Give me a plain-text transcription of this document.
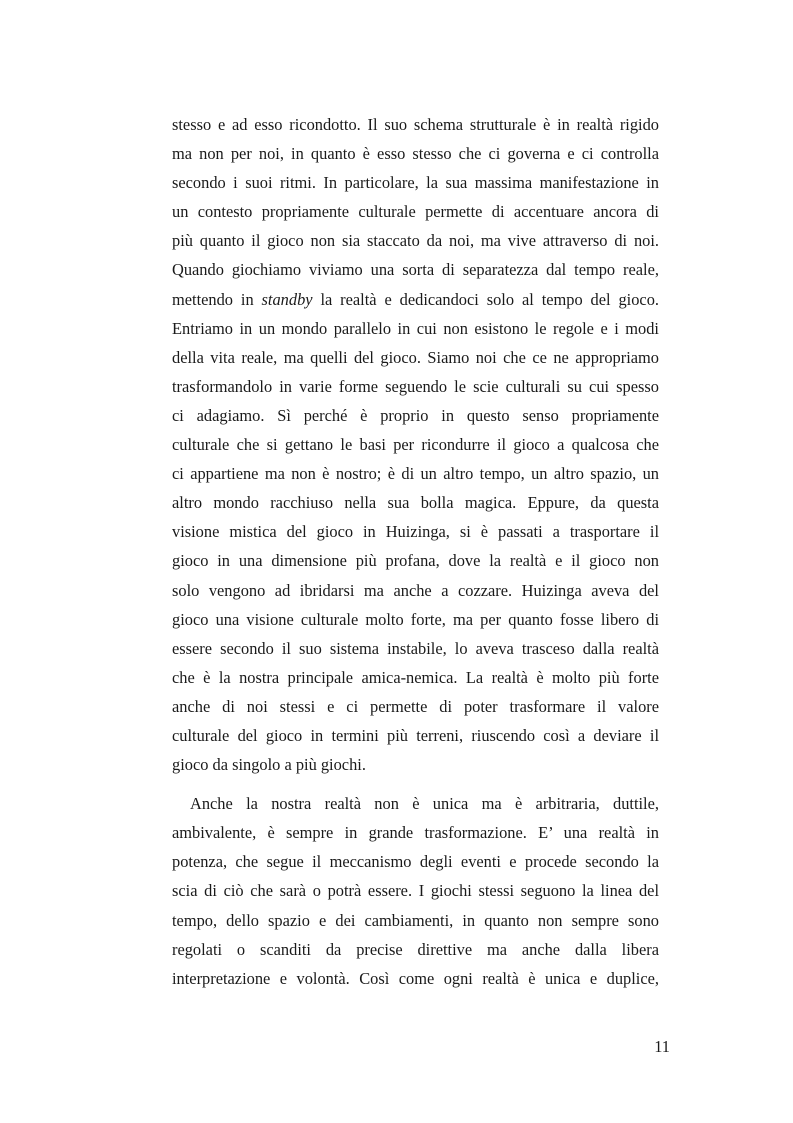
stesso e ad esso ricondotto. Il suo schema strutturale è in realtà rigido
ma non per noi, in quanto è esso stesso che ci governa e ci controlla
secondo i suoi ritmi. In particolare, la sua massima manifestazione in
un contesto propriamente culturale permette di accentuare ancora di
più quanto il gioco non sia staccato da noi, ma vive attraverso di noi.
Quando giochiamo viviamo una sorta di separatezza dal tempo reale,
mettendo in standby la realtà e dedicandoci solo al tempo del gioco.
Entriamo in un mondo parallelo in cui non esistono le regole e i modi
della vita reale, ma quelli del gioco. Siamo noi che ce ne appropriamo
trasformandolo in varie forme seguendo le scie culturali su cui spesso
ci adagiamo. Sì perché è proprio in questo senso propriamente
culturale che si gettano le basi per ricondurre il gioco a qualcosa che
ci appartiene ma non è nostro; è di un altro tempo, un altro spazio, un
altro mondo racchiuso nella sua bolla magica. Eppure, da questa
visione mistica del gioco in Huizinga, si è passati a trasportare il
gioco in una dimensione più profana, dove la realtà e il gioco non
solo vengono ad ibridarsi ma anche a cozzare. Huizinga aveva del
gioco una visione culturale molto forte, ma per quanto fosse libero di
essere secondo il suo sistema instabile, lo aveva trasceso dalla realtà
che è la nostra principale amica-nemica. La realtà è molto più forte
anche di noi stessi e ci permette di poter trasformare il valore
culturale del gioco in termini più terreni, riuscendo così a deviare il
gioco da singolo a più giochi.
Anche la nostra realtà non è unica ma è arbitraria, duttile,
ambivalente, è sempre in grande trasformazione. E’ una realtà in
potenza, che segue il meccanismo degli eventi e procede secondo la
scia di ciò che sarà o potrà essere. I giochi stessi seguono la linea del
tempo, dello spazio e dei cambiamenti, in quanto non sempre sono
regolati o scanditi da precise direttive ma anche dalla libera
interpretazione e volontà. Così come ogni realtà è unica e duplice,
11
